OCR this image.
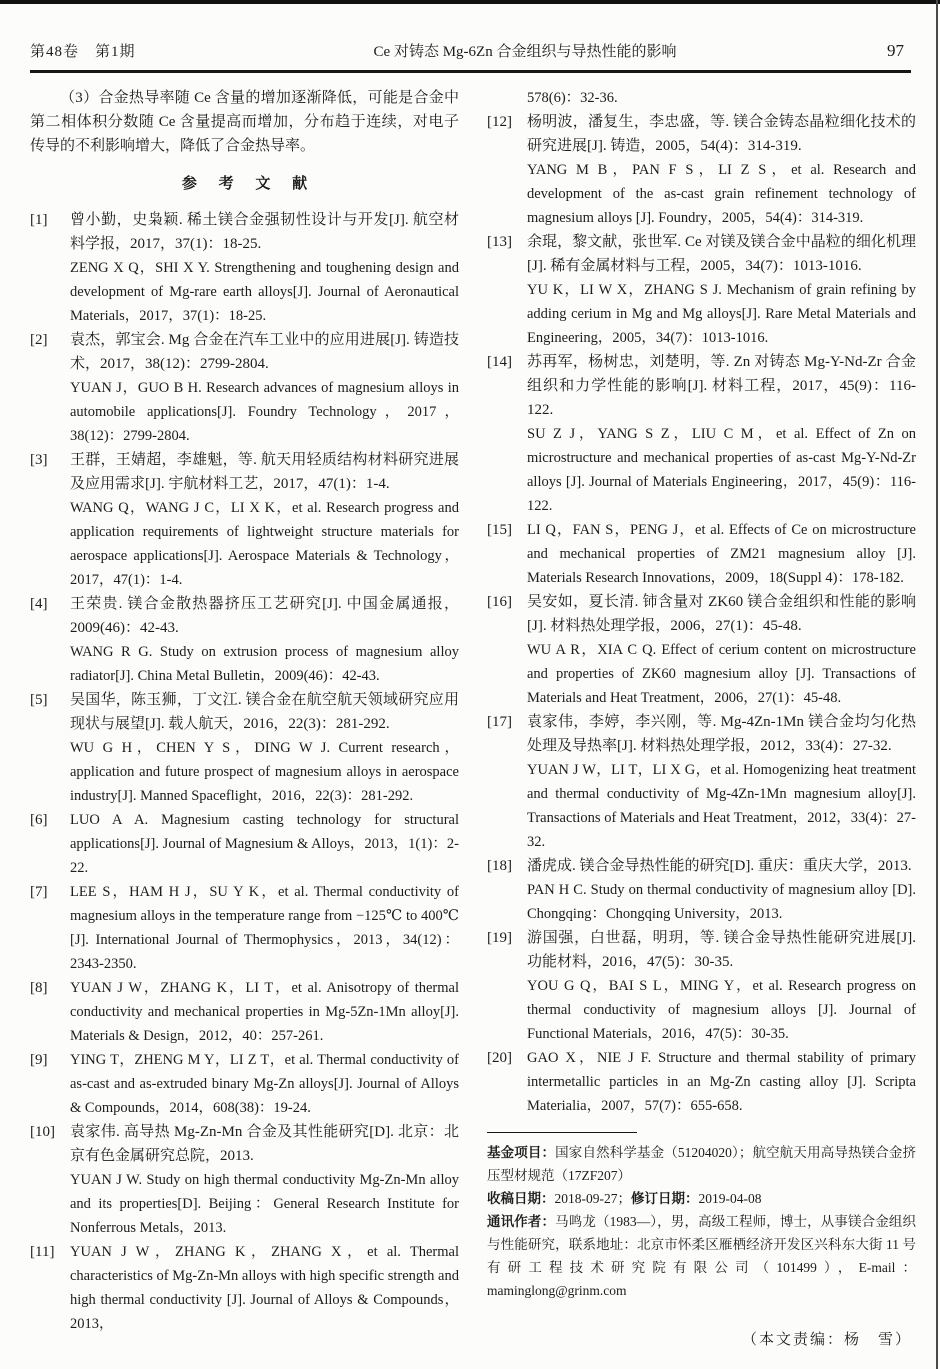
第48卷　第1期	Ce 对铸态 Mg-6Zn 合金组织与导热性能的影响	97

（3）合金热导率随 Ce 含量的增加逐渐降低，可能是合金中第二相体积分数随 Ce 含量提高而增加，分布趋于连续，对电子传导的不利影响增大，降低了合金热导率。

参 考 文 献
[1]	曾小勤，史枭颖. 稀土镁合金强韧性设计与开发[J]. 航空材料学报，2017，37(1)：18-25.

ZENG X Q，SHI X Y. Strengthening and toughening design and development of Mg-rare earth alloys[J]. Journal of Aeronautical Materials，2017，37(1)：18-25.

[2]	袁杰，郭宝会. Mg 合金在汽车工业中的应用进展[J]. 铸造技术，2017，38(12)：2799-2804.

YUAN J，GUO B H. Research advances of magnesium alloys in automobile applications[J]. Foundry Technology，2017，38(12)：2799-2804.

[3]	王群，王婧超，李雄魁，等. 航天用轻质结构材料研究进展及应用需求[J]. 宇航材料工艺，2017，47(1)：1-4.

WANG Q，WANG J C，LI X K，et al. Research progress and application requirements of lightweight structure materials for aerospace applications[J]. Aerospace Materials & Technology，2017，47(1)：1-4.

[4]	王荣贵. 镁合金散热器挤压工艺研究[J]. 中国金属通报，2009(46)：42-43.

WANG R G. Study on extrusion process of magnesium alloy radiator[J]. China Metal Bulletin，2009(46)：42-43.

[5]	吴国华，陈玉狮，丁文江. 镁合金在航空航天领域研究应用现状与展望[J]. 载人航天，2016，22(3)：281-292.

WU G H，CHEN Y S，DING W J. Current research，application and future prospect of magnesium alloys in aerospace industry[J]. Manned Spaceflight，2016，22(3)：281-292.

[6]	LUO A A. Magnesium casting technology for structural applications[J]. Journal of Magnesium & Alloys，2013，1(1)：2-22.

[7]	LEE S，HAM H J，SU Y K，et al. Thermal conductivity of magnesium alloys in the temperature range from −125℃ to 400℃[J]. International Journal of Thermophysics，2013，34(12)：2343-2350.

[8]	YUAN J W，ZHANG K，LI T，et al. Anisotropy of thermal conductivity and mechanical properties in Mg-5Zn-1Mn alloy[J]. Materials & Design，2012，40：257-261.

[9]	YING T，ZHENG M Y，LI Z T，et al. Thermal conductivity of as-cast and as-extruded binary Mg-Zn alloys[J]. Journal of Alloys & Compounds，2014，608(38)：19-24.

[10]	袁家伟. 高导热 Mg-Zn-Mn 合金及其性能研究[D]. 北京：北京有色金属研究总院，2013.

YUAN J W. Study on high thermal conductivity Mg-Zn-Mn alloy and its properties[D]. Beijing：General Research Institute for Nonferrous Metals，2013.

[11]	YUAN J W，ZHANG K，ZHANG X，et al. Thermal characteristics of Mg-Zn-Mn alloys with high specific strength and high thermal conductivity [J]. Journal of Alloys & Compounds，2013，

578(6)：32-36.

[12]	杨明波，潘复生，李忠盛，等. 镁合金铸态晶粒细化技术的研究进展[J]. 铸造，2005，54(4)：314-319.

YANG M B，PAN F S，LI Z S，et al. Research and development of the as-cast grain refinement technology of magnesium alloys [J]. Foundry，2005，54(4)：314-319.

[13]	余琨，黎文献，张世军. Ce 对镁及镁合金中晶粒的细化机理[J]. 稀有金属材料与工程，2005，34(7)：1013-1016.

YU K，LI W X，ZHANG S J. Mechanism of grain refining by adding cerium in Mg and Mg alloys[J]. Rare Metal Materials and Engineering，2005，34(7)：1013-1016.

[14]	苏再军，杨树忠，刘楚明，等. Zn 对铸态 Mg-Y-Nd-Zr 合金组织和力学性能的影响[J]. 材料工程，2017，45(9)：116-122.

SU Z J，YANG S Z，LIU C M，et al. Effect of Zn on microstructure and mechanical properties of as-cast Mg-Y-Nd-Zr alloys [J]. Journal of Materials Engineering，2017，45(9)：116-122.

[15]	LI Q，FAN S，PENG J，et al. Effects of Ce on microstructure and mechanical properties of ZM21 magnesium alloy [J]. Materials Research Innovations，2009，18(Suppl 4)：178-182.

[16]	吴安如，夏长清. 铈含量对 ZK60 镁合金组织和性能的影响[J]. 材料热处理学报，2006，27(1)：45-48.

WU A R，XIA C Q. Effect of cerium content on microstructure and properties of ZK60 magnesium alloy [J]. Transactions of Materials and Heat Treatment，2006，27(1)：45-48.

[17]	袁家伟，李婷，李兴刚，等. Mg-4Zn-1Mn 镁合金均匀化热处理及导热率[J]. 材料热处理学报，2012，33(4)：27-32.

YUAN J W，LI T，LI X G，et al. Homogenizing heat treatment and thermal conductivity of Mg-4Zn-1Mn magnesium alloy[J]. Transactions of Materials and Heat Treatment，2012，33(4)：27-32.

[18]	潘虎成. 镁合金导热性能的研究[D]. 重庆：重庆大学，2013.

PAN H C. Study on thermal conductivity of magnesium alloy [D]. Chongqing：Chongqing University，2013.

[19]	游国强，白世磊，明玥，等. 镁合金导热性能研究进展[J]. 功能材料，2016，47(5)：30-35.

YOU G Q，BAI S L，MING Y，et al. Research progress on thermal conductivity of magnesium alloys [J]. Journal of Functional Materials，2016，47(5)：30-35.

[20]	GAO X，NIE J F. Structure and thermal stability of primary intermetallic particles in an Mg-Zn casting alloy [J]. Scripta Materialia，2007，57(7)：655-658.

基金项目：国家自然科学基金（51204020）；航空航天用高导热镁合金挤压型材规范（17ZF207）

收稿日期：2018-09-27；修订日期：2019-04-08

通讯作者：马鸣龙（1983—），男，高级工程师，博士，从事镁合金组织与性能研究，联系地址：北京市怀柔区雁栖经济开发区兴科东大街 11 号有研工程技术研究院有限公司（101499），E-mail：maminglong@grinm.com

（本文责编：杨　雪）
